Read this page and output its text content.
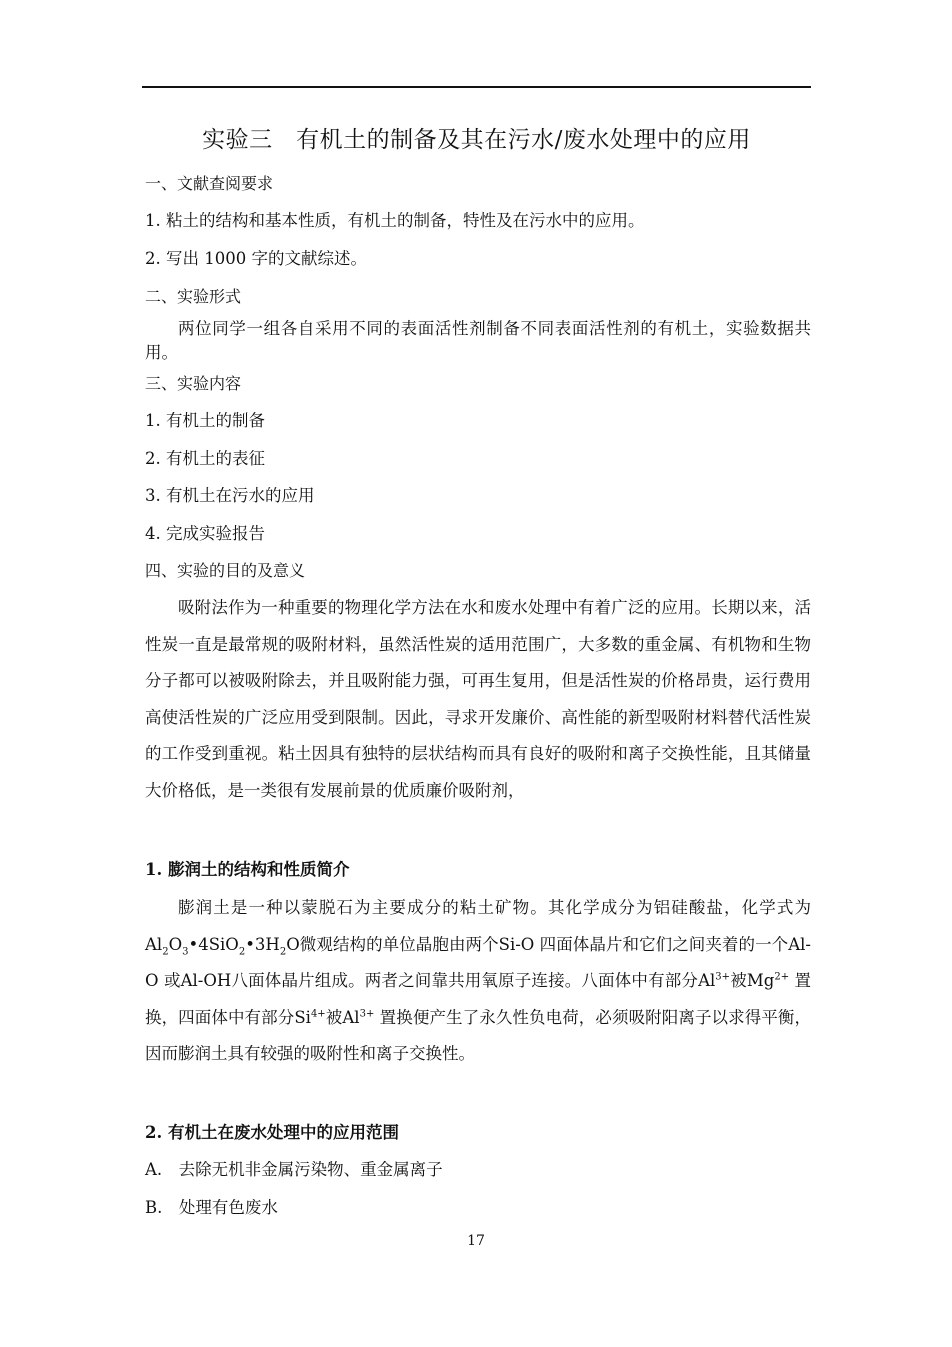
实验三　有机土的制备及其在污水/废水处理中的应用
一、文献查阅要求
1. 粘土的结构和基本性质，有机土的制备，特性及在污水中的应用。
2. 写出 1000 字的文献综述。
二、实验形式

两位同学一组各自采用不同的表面活性剂制备不同表面活性剂的有机土，实验数据共用。

三、实验内容
1. 有机土的制备
2. 有机土的表征
3. 有机土在污水的应用
4. 完成实验报告
四、实验的目的及意义

吸附法作为一种重要的物理化学方法在水和废水处理中有着广泛的应用。长期以来，活性炭一直是最常规的吸附材料，虽然活性炭的适用范围广，大多数的重金属、有机物和生物分子都可以被吸附除去，并且吸附能力强，可再生复用，但是活性炭的价格昂贵，运行费用高使活性炭的广泛应用受到限制。因此，寻求开发廉价、高性能的新型吸附材料替代活性炭的工作受到重视。粘土因具有独特的层状结构而具有良好的吸附和离子交换性能，且其储量大价格低，是一类很有发展前景的优质廉价吸附剂，

1. 膨润土的结构和性质简介

膨润土是一种以蒙脱石为主要成分的粘土矿物。其化学成分为铝硅酸盐，化学式为$Al_2O_3•4SiO_2•3H_2O$微观结构的单位晶胞由两个Si-O 四面体晶片和它们之间夹着的一个Al-O 或Al-OH八面体晶片组成。两者之间靠共用氧原子连接。八面体中有部分$Al^{3+}$被$Mg^{2+}$ 置换，四面体中有部分$Si^{4+}$被$Al^{3+}$ 置换便产生了永久性负电荷，必须吸附阳离子以求得平衡，因而膨润土具有较强的吸附性和离子交换性。

2. 有机土在废水处理中的应用范围
A.　去除无机非金属污染物、重金属离子
B.　处理有色废水
17
